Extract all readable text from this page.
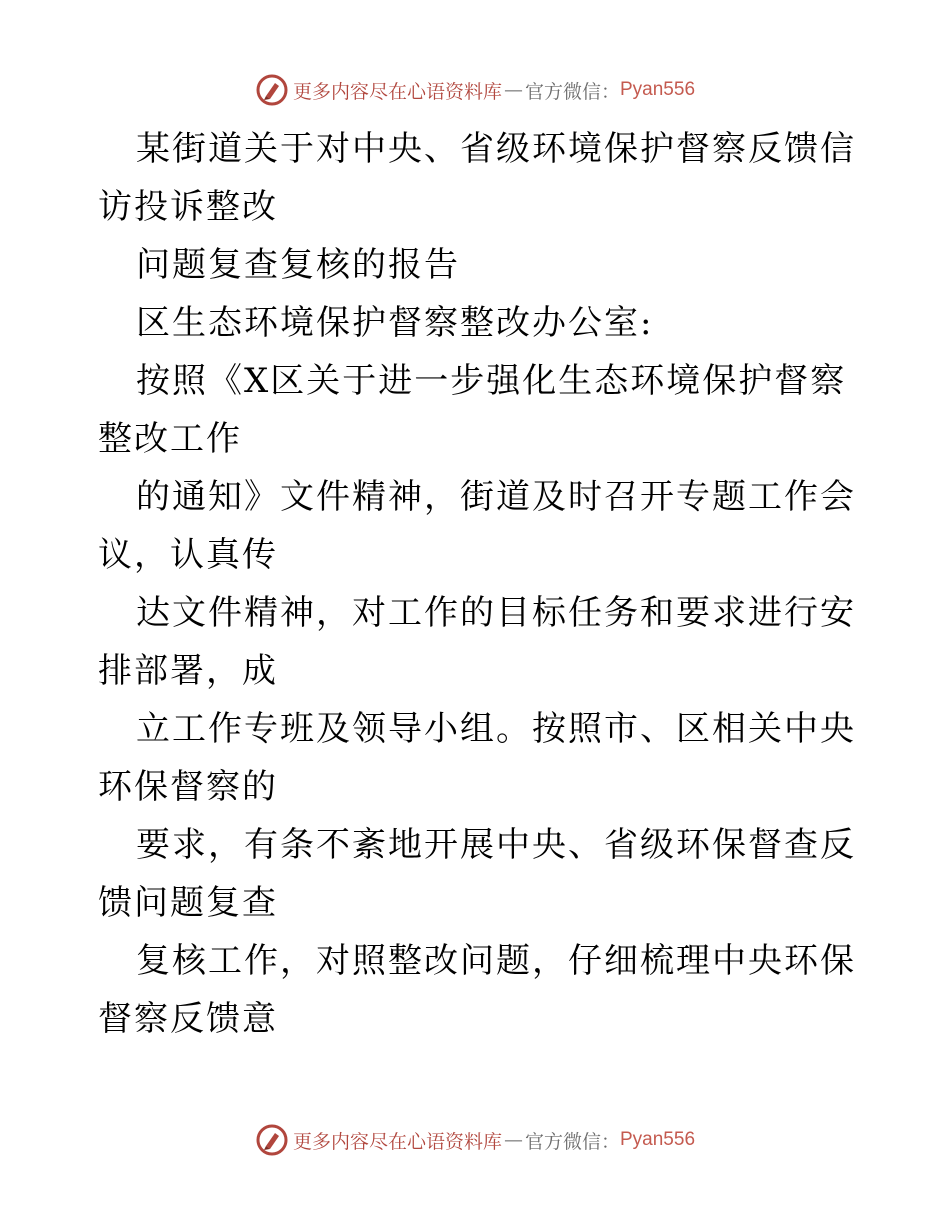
更多内容尽在心语资料库 — 官方微信： Pyan556

某街道关于对中央、省级环境保护督察反馈信访投诉整改

问题复查复核的报告

区生态环境保护督察整改办公室:

按照《X区关于进一步强化生态环境保护督察整改工作

的通知》文件精神，街道及时召开专题工作会议，认真传

达文件精神，对工作的目标任务和要求进行安排部署，成

立工作专班及领导小组。按照市、区相关中央环保督察的

要求，有条不紊地开展中央、省级环保督查反馈问题复查

复核工作，对照整改问题，仔细梳理中央环保督察反馈意

更多内容尽在心语资料库 — 官方微信： Pyan556
